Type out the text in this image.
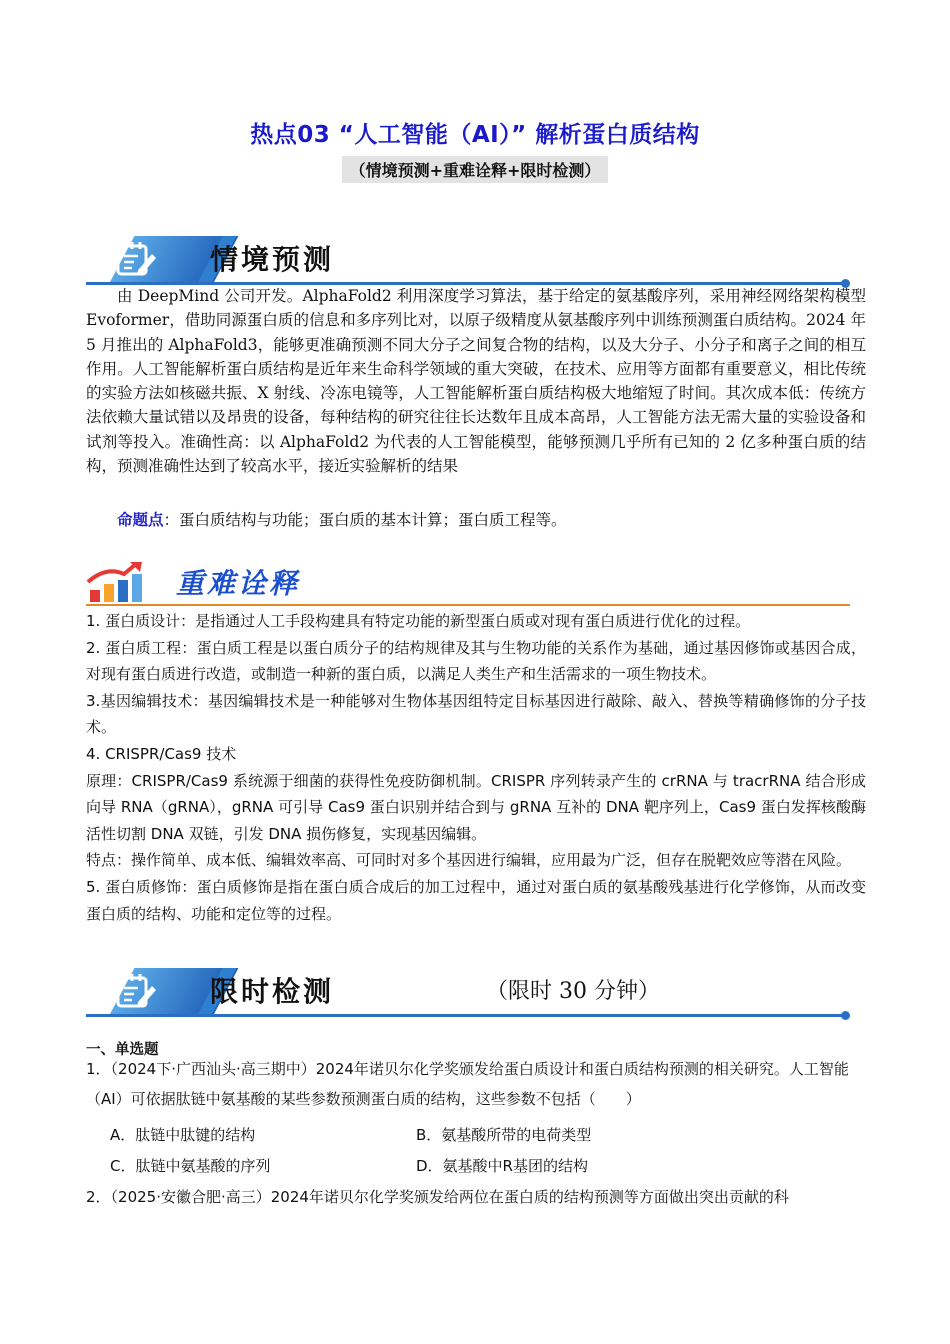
热点03 “人工智能（AI）” 解析蛋白质结构
（情境预测+重难诠释+限时检测）
情境预测
由 DeepMind 公司开发。AlphaFold2 利用深度学习算法，基于给定的氨基酸序列，采用神经网络架构模型 Evoformer，借助同源蛋白质的信息和多序列比对，以原子级精度从氨基酸序列中训练预测蛋白质结构。2024 年 5 月推出的 AlphaFold3，能够更准确预测不同大分子之间复合物的结构，以及大分子、小分子和离子之间的相互作用。人工智能解析蛋白质结构是近年来生命科学领域的重大突破，在技术、应用等方面都有重要意义，相比传统的实验方法如核磁共振、X 射线、冷冻电镜等，人工智能解析蛋白质结构极大地缩短了时间。其次成本低：传统方法依赖大量试错以及昂贵的设备，每种结构的研究往往长达数年且成本高昂，人工智能方法无需大量的实验设备和试剂等投入。准确性高：以 AlphaFold2 为代表的人工智能模型，能够预测几乎所有已知的 2 亿多种蛋白质的结构，预测准确性达到了较高水平，接近实验解析的结果
命题点：蛋白质结构与功能；蛋白质的基本计算；蛋白质工程等。
重难诠释

1. 蛋白质设计：是指通过人工手段构建具有特定功能的新型蛋白质或对现有蛋白质进行优化的过程。

2. 蛋白质工程：蛋白质工程是以蛋白质分子的结构规律及其与生物功能的关系作为基础，通过基因修饰或基因合成，对现有蛋白质进行改造，或制造一种新的蛋白质，以满足人类生产和生活需求的一项生物技术。

3.基因编辑技术：基因编辑技术是一种能够对生物体基因组特定目标基因进行敲除、敲入、替换等精确修饰的分子技术。

4. CRISPR/Cas9 技术

原理：CRISPR/Cas9 系统源于细菌的获得性免疫防御机制。CRISPR 序列转录产生的 crRNA 与 tracrRNA 结合形成向导 RNA（gRNA），gRNA 可引导 Cas9 蛋白识别并结合到与 gRNA 互补的 DNA 靶序列上，Cas9 蛋白发挥核酸酶活性切割 DNA 双链，引发 DNA 损伤修复，实现基因编辑。

特点：操作简单、成本低、编辑效率高、可同时对多个基因进行编辑，应用最为广泛，但存在脱靶效应等潜在风险。

5. 蛋白质修饰：蛋白质修饰是指在蛋白质合成后的加工过程中，通过对蛋白质的氨基酸残基进行化学修饰，从而改变蛋白质的结构、功能和定位等的过程。

限时检测	（限时 30 分钟）
一、单选题
1．（2024下·广西汕头·高三期中）2024年诺贝尔化学奖颁发给蛋白质设计和蛋白质结构预测的相关研究。人工智能（AI）可依据肽链中氨基酸的某些参数预测蛋白质的结构，这些参数不包括（　　）
A．肽链中肽键的结构	B．氨基酸所带的电荷类型
C．肽链中氨基酸的序列	D．氨基酸中R基团的结构
2．（2025·安徽合肥·高三）2024年诺贝尔化学奖颁发给两位在蛋白质的结构预测等方面做出突出贡献的科
